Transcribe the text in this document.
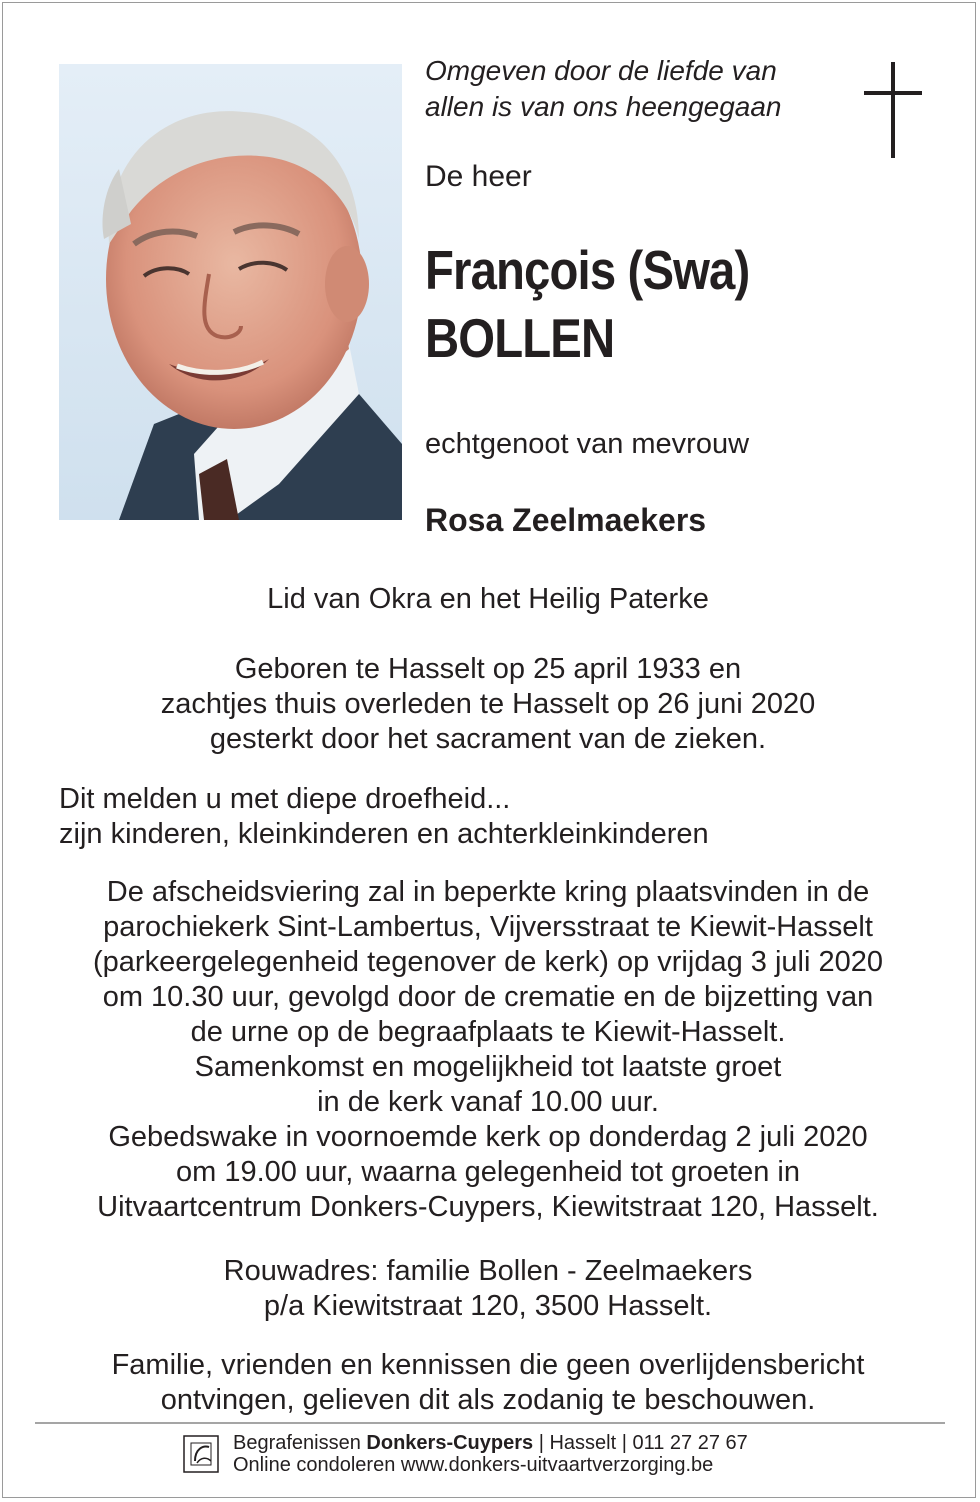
Omgeven door de liefde van
allen is van ons heengegaan
De heer
François (Swa)
BOLLEN
echtgenoot van mevrouw
Rosa Zeelmaekers
Lid van Okra en het Heilig Paterke
Geboren te Hasselt op 25 april 1933 en
zachtjes thuis overleden te Hasselt op 26 juni 2020
gesterkt door het sacrament van de zieken.
Dit melden u met diepe droefheid...
zijn kinderen, kleinkinderen en achterkleinkinderen
De afscheidsviering zal in beperkte kring plaatsvinden in de
parochiekerk Sint-Lambertus, Vijversstraat te Kiewit-Hasselt
(parkeergelegenheid tegenover de kerk) op vrijdag 3 juli 2020
om 10.30 uur, gevolgd door de crematie en de bijzetting van
de urne op de begraafplaats te Kiewit-Hasselt.
Samenkomst en mogelijkheid tot laatste groet
in de kerk vanaf 10.00 uur.
Gebedswake in voornoemde kerk op donderdag 2 juli 2020
om 19.00 uur, waarna gelegenheid tot groeten in
Uitvaartcentrum Donkers-Cuypers, Kiewitstraat 120, Hasselt.
Rouwadres: familie Bollen - Zeelmaekers
p/a Kiewitstraat 120, 3500 Hasselt.
Familie, vrienden en kennissen die geen overlijdensbericht
ontvingen, gelieven dit als zodanig te beschouwen.
Begrafenissen Donkers-Cuypers | Hasselt | 011 27 27 67
Online condoleren www.donkers-uitvaartverzorging.be
